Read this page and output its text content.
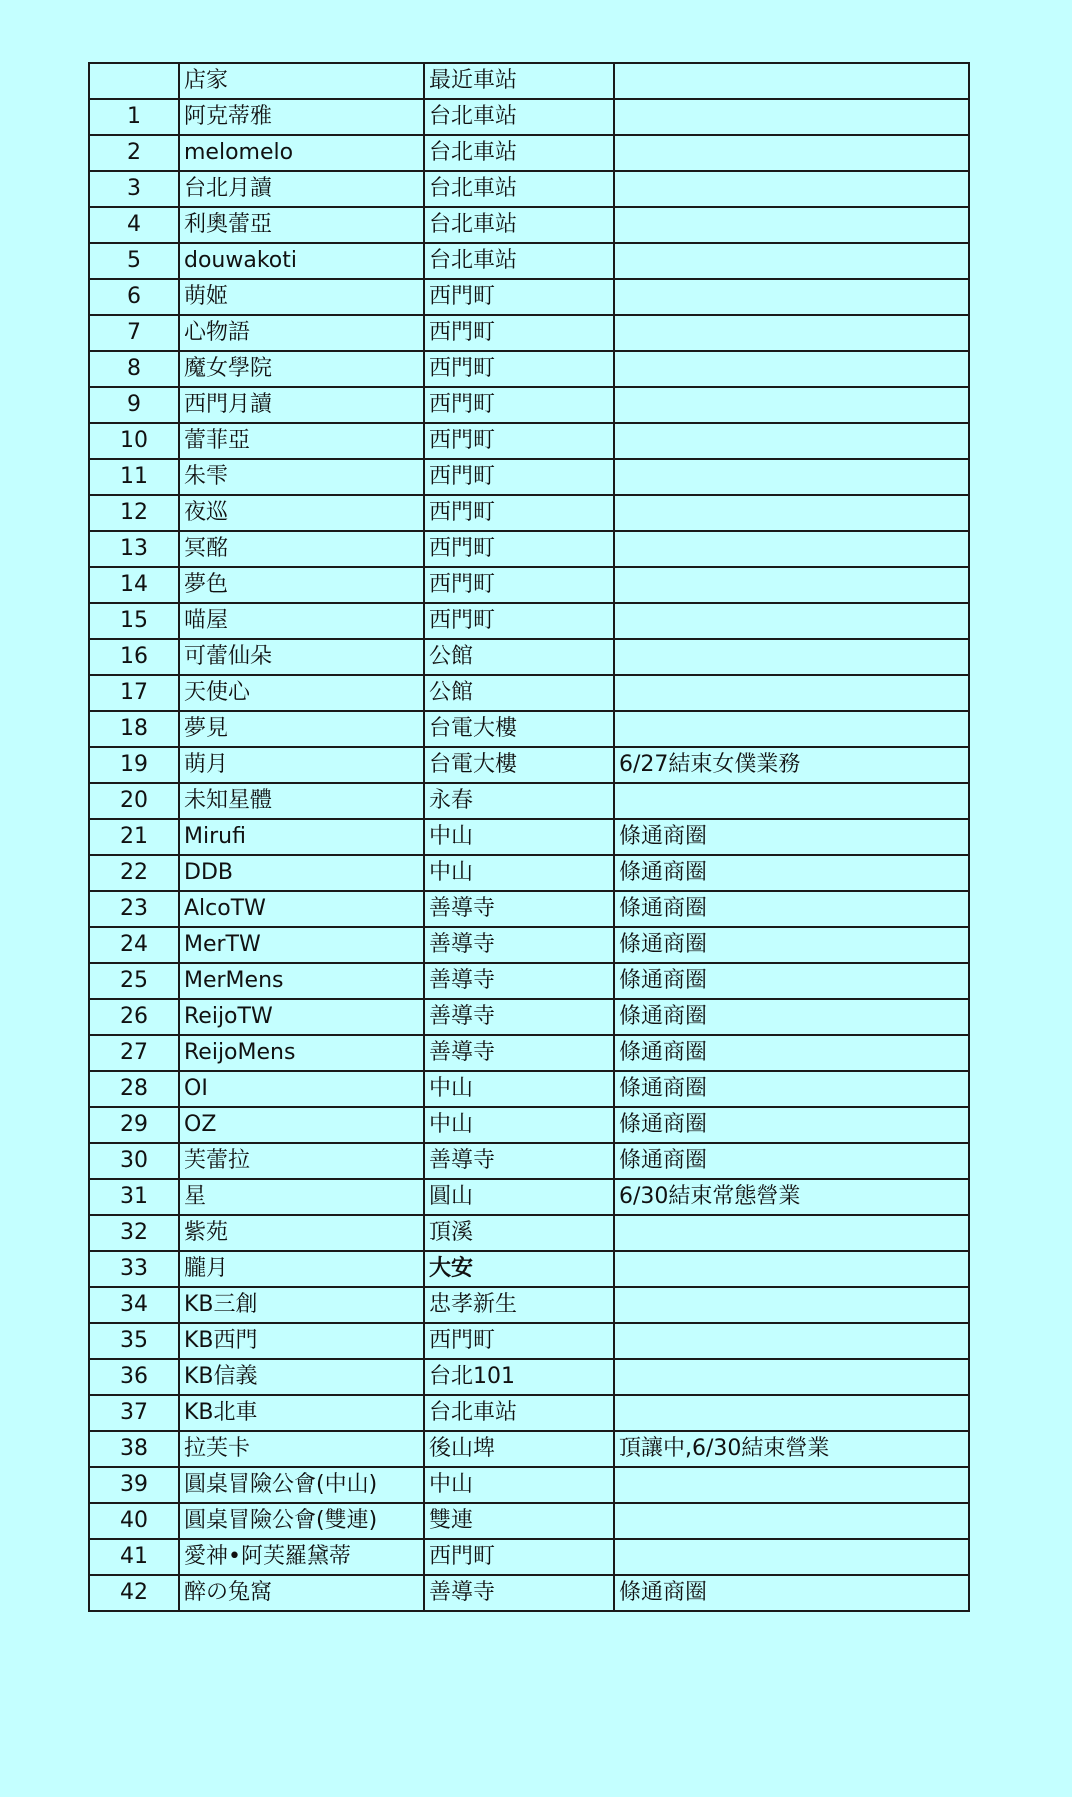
	店家	最近車站	
1	阿克蒂雅	台北車站	
2	melomelo	台北車站	
3	台北月讀	台北車站	
4	利奧蕾亞	台北車站	
5	douwakoti	台北車站	
6	萌姬	西門町	
7	心物語	西門町	
8	魔女學院	西門町	
9	西門月讀	西門町	
10	蕾菲亞	西門町	
11	朱雫	西門町	
12	夜巡	西門町	
13	冥酩	西門町	
14	夢色	西門町	
15	喵屋	西門町	
16	可蕾仙朵	公館	
17	天使心	公館	
18	夢見	台電大樓	
19	萌月	台電大樓	6/27結束女僕業務
20	未知星體	永春	
21	Mirufi	中山	條通商圈
22	DDB	中山	條通商圈
23	AlcoTW	善導寺	條通商圈
24	MerTW	善導寺	條通商圈
25	MerMens	善導寺	條通商圈
26	ReijoTW	善導寺	條通商圈
27	ReijoMens	善導寺	條通商圈
28	OI	中山	條通商圈
29	OZ	中山	條通商圈
30	芙蕾拉	善導寺	條通商圈
31	星	圓山	6/30結束常態營業
32	紫苑	頂溪	
33	朧月	大安	
34	KB三創	忠孝新生	
35	KB西門	西門町	
36	KB信義	台北101	
37	KB北車	台北車站	
38	拉芙卡	後山埤	頂讓中,6/30結束營業
39	圓桌冒險公會(中山)	中山	
40	圓桌冒險公會(雙連)	雙連	
41	愛神•阿芙羅黛蒂	西門町	
42	醉の兔窩	善導寺	條通商圈
